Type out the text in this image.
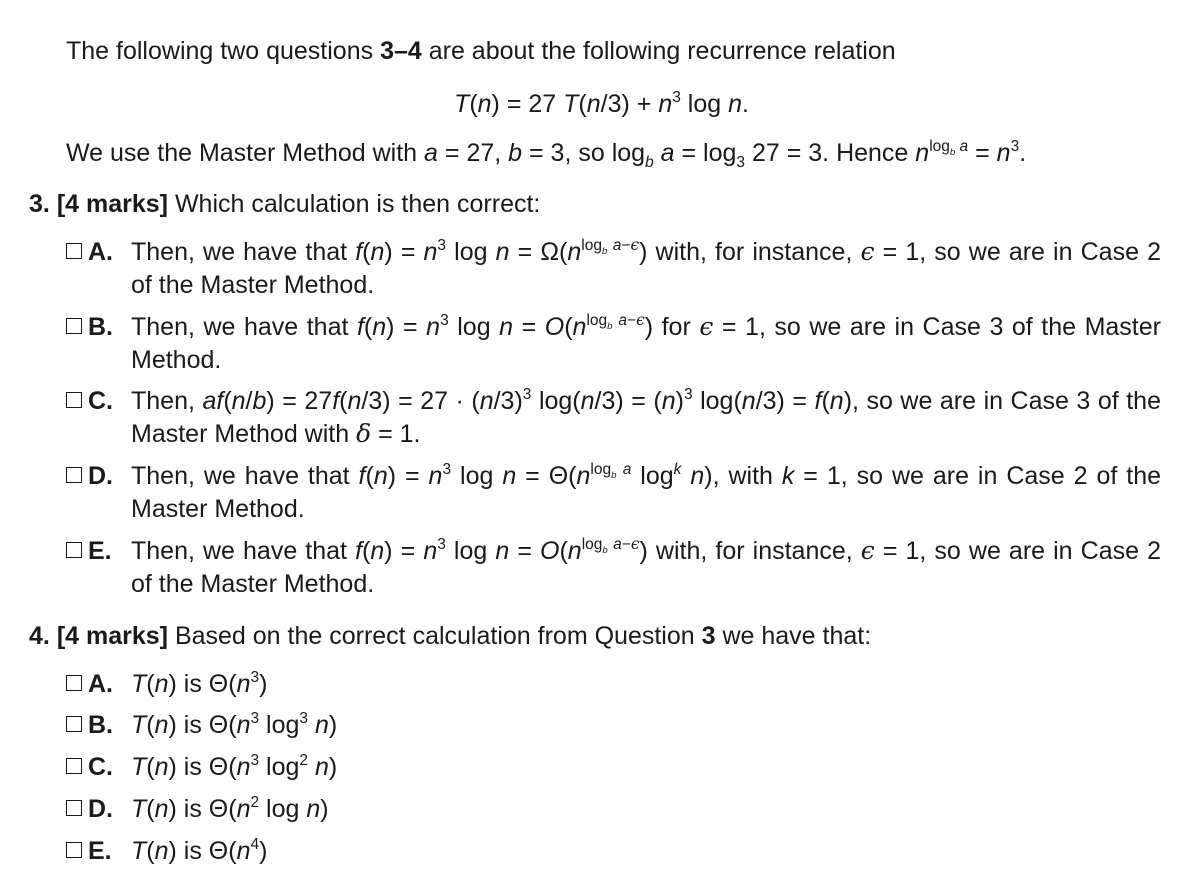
The following two questions 3–4 are about the following recurrence relation
T(n) = 27 $T(n/3) + n^3$ log n.
We use the Master Method with a = 27, b = 3, so $\log_b a = \log_3 27 = 3$. Hence $n^{log_b a} = n^3$.
3. [4 marks] Which calculation is then correct:
A. Then, we have that $f(n) = n^3$ $\log n = \Omega(n^{log_b a-\epsilon})$ with, for instance, ϵ = 1, so we are in Case 2 of the Master Method.
B. Then, we have that $f(n) = n^3$ $\log n = O(n^{log_b a-\epsilon})$ for ϵ = 1, so we are in Case 3 of the Master Method.
C. Then, $af(n/b) = 27f(n/3) = 27 \cdot (n/3)^3$ $\log(n/3) = (n)^3$ log(n/3) = f(n), so we are in Case 3 of the Master Method with δ = 1.
D. Then, we have that $f(n) = n^3$ $\log n = \Theta(n^{log_b a}$ $\log^k n$), with k = 1, so we are in Case 2 of the Master Method.
E. Then, we have that $f(n) = n^3$ $\log n = O(n^{log_b a-\epsilon})$ with, for instance, ϵ = 1, so we are in Case 2 of the Master Method.
4. [4 marks] Based on the correct calculation from Question 3 we have that:
A. T(n) is $\Theta(n^3)$
B. T(n) is $\Theta(n^3$ $\log^3 n$)
C. T(n) is $\Theta(n^3$ $\log^2 n$)
D. T(n) is $\Theta(n^2$ log n)
E. T(n) is $\Theta(n^4)$
